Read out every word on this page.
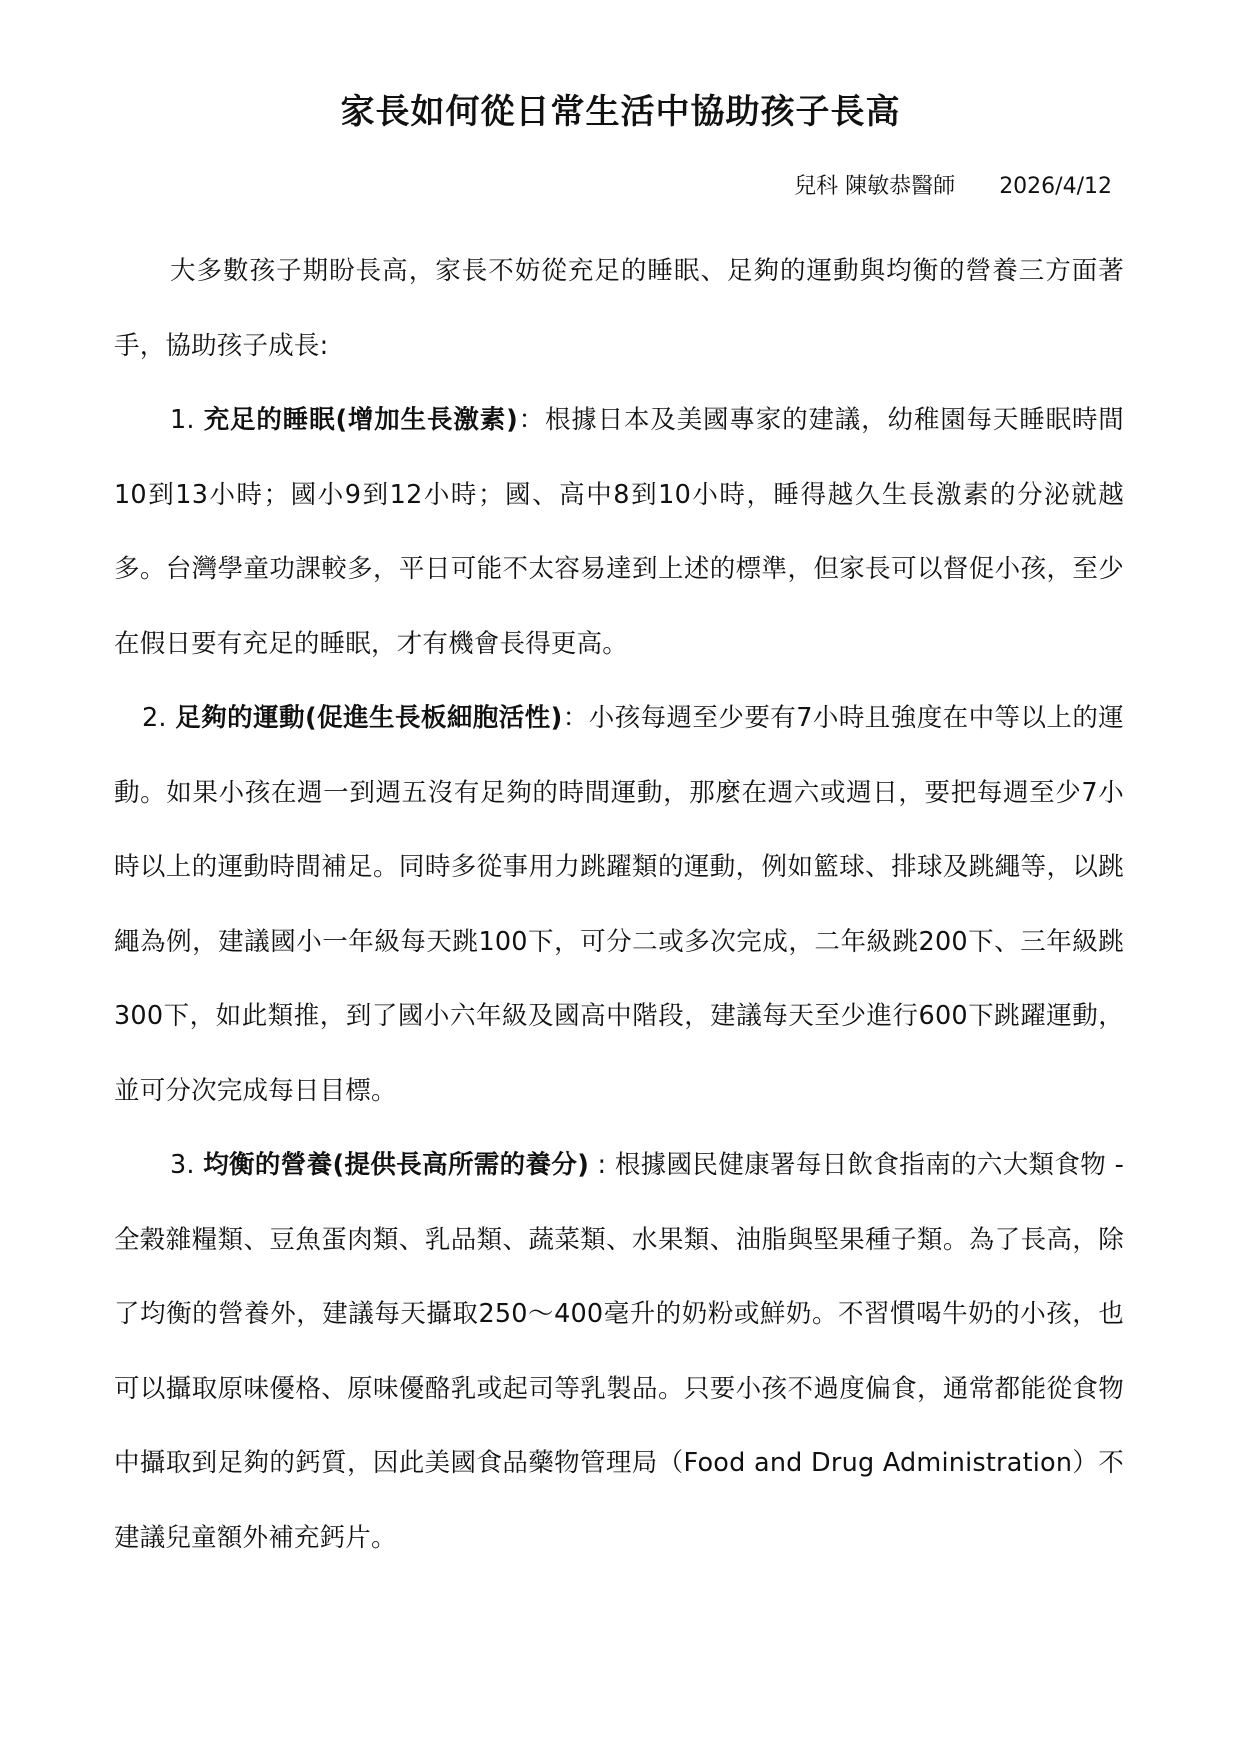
家長如何從日常生活中協助孩子長高
兒科 陳敏恭醫師 2026/4/12

大多數孩子期盼長高，家長不妨從充足的睡眠、足夠的運動與均衡的營養三方面著手，協助孩子成長:

1. 充足的睡眠(增加生長激素)：根據日本及美國專家的建議，幼稚園每天睡眠時間10到13小時；國小9到12小時；國、高中8到10小時，睡得越久生長激素的分泌就越多。台灣學童功課較多，平日可能不太容易達到上述的標準，但家長可以督促小孩，至少在假日要有充足的睡眠，才有機會長得更高。

2. 足夠的運動(促進生長板細胞活性)：小孩每週至少要有7小時且強度在中等以上的運動。如果小孩在週一到週五沒有足夠的時間運動，那麼在週六或週日，要把每週至少7小時以上的運動時間補足。同時多從事用力跳躍類的運動，例如籃球、排球及跳繩等，以跳繩為例，建議國小一年級每天跳100下，可分二或多次完成，二年級跳200下、三年級跳300下，如此類推，到了國小六年級及國高中階段，建議每天至少進行600下跳躍運動，並可分次完成每日目標。

3. 均衡的營養(提供長高所需的養分) : 根據國民健康署每日飲食指南的六大類食物 - 全穀雜糧類、豆魚蛋肉類、乳品類、蔬菜類、水果類、油脂與堅果種子類。為了長高，除了均衡的營養外，建議每天攝取250～400毫升的奶粉或鮮奶。不習慣喝牛奶的小孩，也可以攝取原味優格、原味優酪乳或起司等乳製品。只要小孩不過度偏食，通常都能從食物中攝取到足夠的鈣質，因此美國食品藥物管理局（Food and Drug Administration）不建議兒童額外補充鈣片。
